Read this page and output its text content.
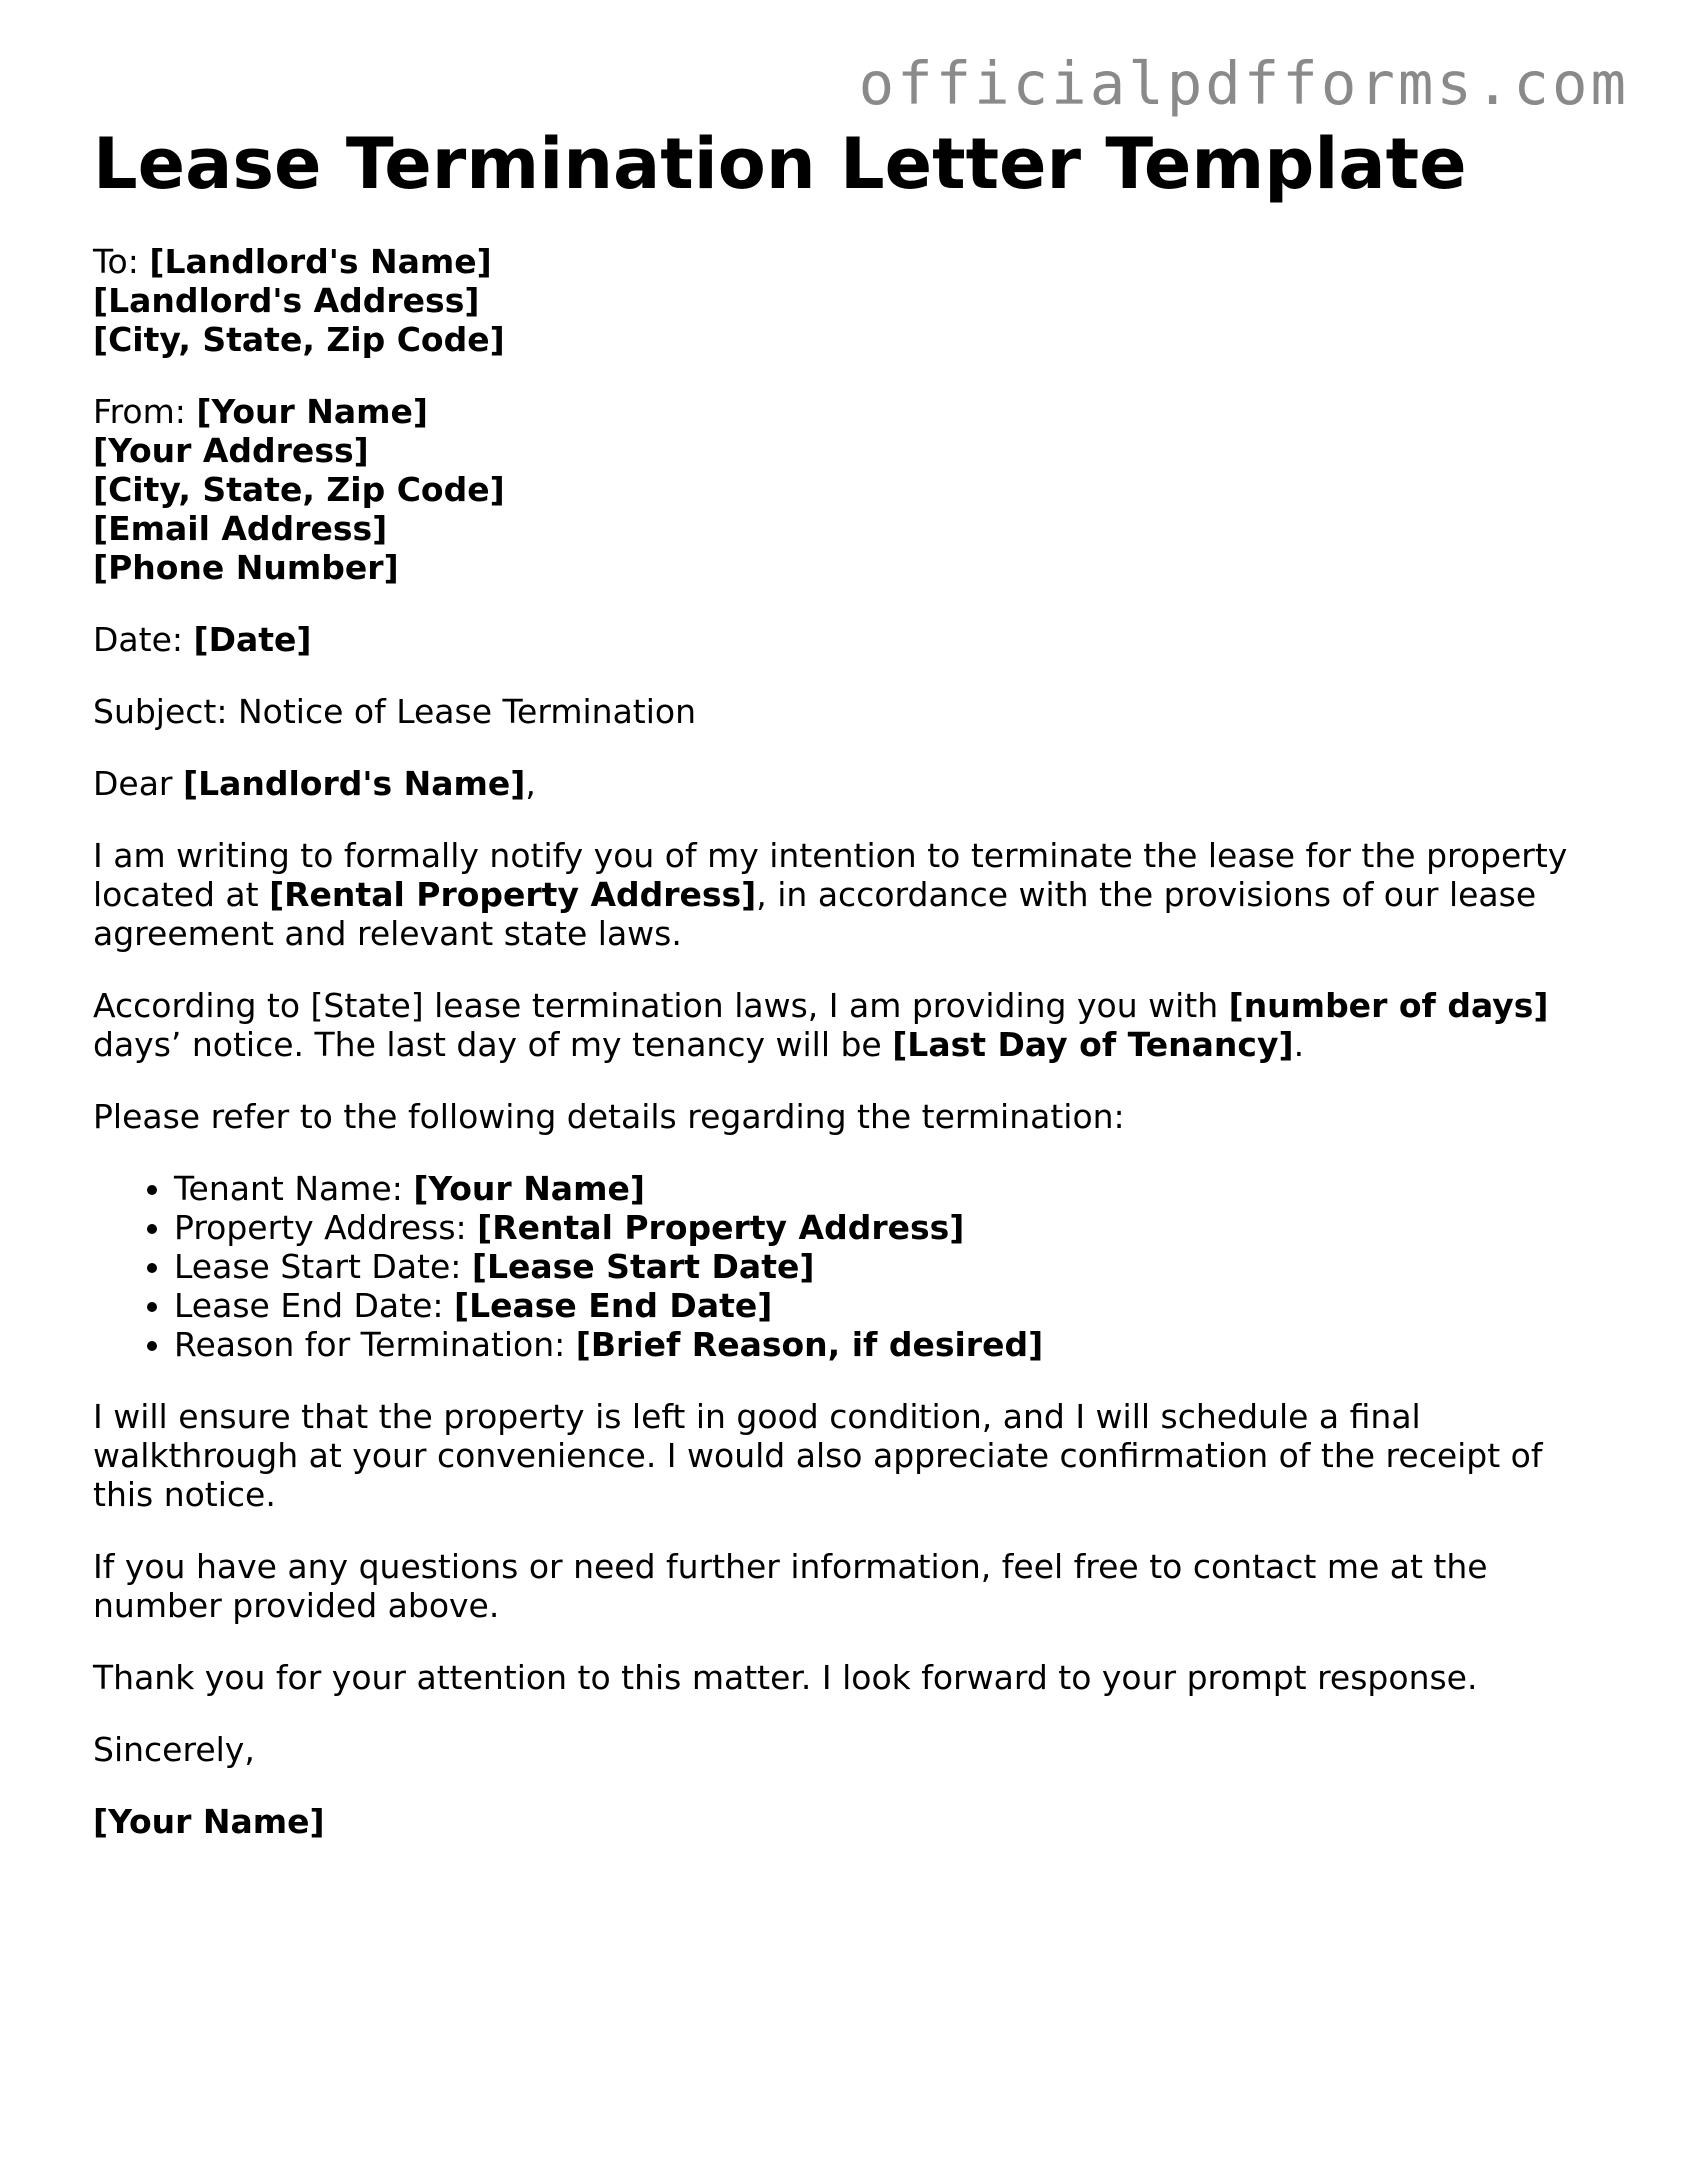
officialpdfforms.com
Lease Termination Letter Template

To: [Landlord's Name]
[Landlord's Address]
[City, State, Zip Code]

From: [Your Name]
[Your Address]
[City, State, Zip Code]
[Email Address]
[Phone Number]

Date: [Date]

Subject: Notice of Lease Termination

Dear [Landlord's Name],

I am writing to formally notify you of my intention to terminate the lease for the property located at [Rental Property Address], in accordance with the provisions of our lease agreement and relevant state laws.

According to [State] lease termination laws, I am providing you with [number of days] days’ notice. The last day of my tenancy will be [Last Day of Tenancy].

Please refer to the following details regarding the termination:

• Tenant Name: [Your Name]
• Property Address: [Rental Property Address]
• Lease Start Date: [Lease Start Date]
• Lease End Date: [Lease End Date]
• Reason for Termination: [Brief Reason, if desired]

I will ensure that the property is left in good condition, and I will schedule a final walkthrough at your convenience. I would also appreciate confirmation of the receipt of this notice.

If you have any questions or need further information, feel free to contact me at the number provided above.

Thank you for your attention to this matter. I look forward to your prompt response.

Sincerely,

[Your Name]
